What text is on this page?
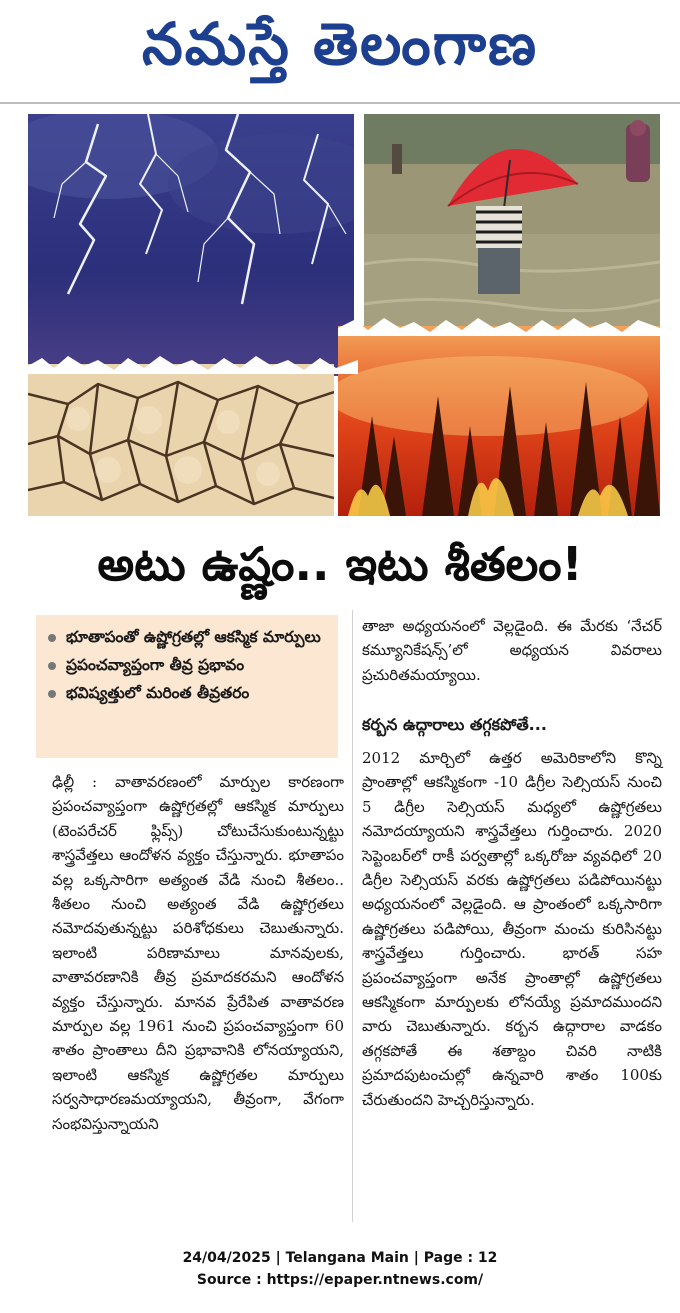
నమస్తే తెలంగాణ
అటు ఉష్ణం.. ఇటు శీతలం!
భూతాపంతో ఉష్ణోగ్రతల్లో ఆకస్మిక మార్పులు
ప్రపంచవ్యాప్తంగా తీవ్ర ప్రభావం
భవిష్యత్తులో మరింత తీవ్రతరం

ఢిల్లీ : వాతావరణంలో మార్పుల కారణంగా ప్రపంచవ్యాప్తంగా ఉష్ణోగ్రతల్లో ఆకస్మిక మార్పులు (టెంపరేచర్ ఫ్లిప్స్) చోటుచేసుకుంటున్నట్టు శాస్త్రవేత్తలు ఆందోళన వ్యక్తం చేస్తున్నారు. భూతాపం వల్ల ఒక్కసారిగా అత్యంత వేడి నుంచి శీతలం.. శీతలం నుంచి అత్యంత వేడి ఉష్ణోగ్రతలు నమోదవుతున్నట్టు పరిశోధకులు చెబుతున్నారు. ఇలాంటి పరిణామాలు మానవులకు, వాతావరణానికి తీవ్ర ప్రమాదకరమని ఆందోళన వ్యక్తం చేస్తున్నారు. మానవ ప్రేరేపిత వాతావరణ మార్పుల వల్ల 1961 నుంచి ప్రపంచవ్యాప్తంగా 60 శాతం ప్రాంతాలు దీని ప్రభావానికి లోనయ్యాయని, ఇలాంటి ఆకస్మిక ఉష్ణోగ్రతల మార్పులు సర్వసాధారణమయ్యాయని, తీవ్రంగా, వేగంగా సంభవిస్తున్నాయని

తాజా అధ్యయనంలో వెల్లడైంది. ఈ మేరకు ‘నేచర్ కమ్యూనికేషన్స్’లో అధ్యయన వివరాలు ప్రచురితమయ్యాయి.

కర్బన ఉద్గారాలు తగ్గకపోతే...

2012 మార్చిలో ఉత్తర అమెరికాలోని కొన్ని ప్రాంతాల్లో ఆకస్మికంగా -10 డిగ్రీల సెల్సియస్ నుంచి 5 డిగ్రీల సెల్సియస్ మధ్యలో ఉష్ణోగ్రతలు నమోదయ్యాయని శాస్త్రవేత్తలు గుర్తించారు. 2020 సెప్టెంబర్‌లో రాకీ పర్వతాల్లో ఒక్కరోజు వ్యవధిలో 20 డిగ్రీల సెల్సియస్ వరకు ఉష్ణోగ్రతలు పడిపోయినట్టు అధ్యయనంలో వెల్లడైంది. ఆ ప్రాంతంలో ఒక్కసారిగా ఉష్ణోగ్రతలు పడిపోయి, తీవ్రంగా మంచు కురిసినట్టు శాస్త్రవేత్తలు గుర్తించారు. భారత్ సహ ప్రపంచవ్యాప్తంగా అనేక ప్రాంతాల్లో ఉష్ణోగ్రతలు ఆకస్మికంగా మార్పులకు లోనయ్యే ప్రమాదముందని వారు చెబుతున్నారు. కర్బన ఉద్గారాల వాడకం తగ్గకపోతే ఈ శతాబ్దం చివరి నాటికి ప్రమాదపుటంచుల్లో ఉన్నవారి శాతం 100కు చేరుతుందని హెచ్చరిస్తున్నారు.

24/04/2025 | Telangana Main | Page : 12
Source : https://epaper.ntnews.com/
